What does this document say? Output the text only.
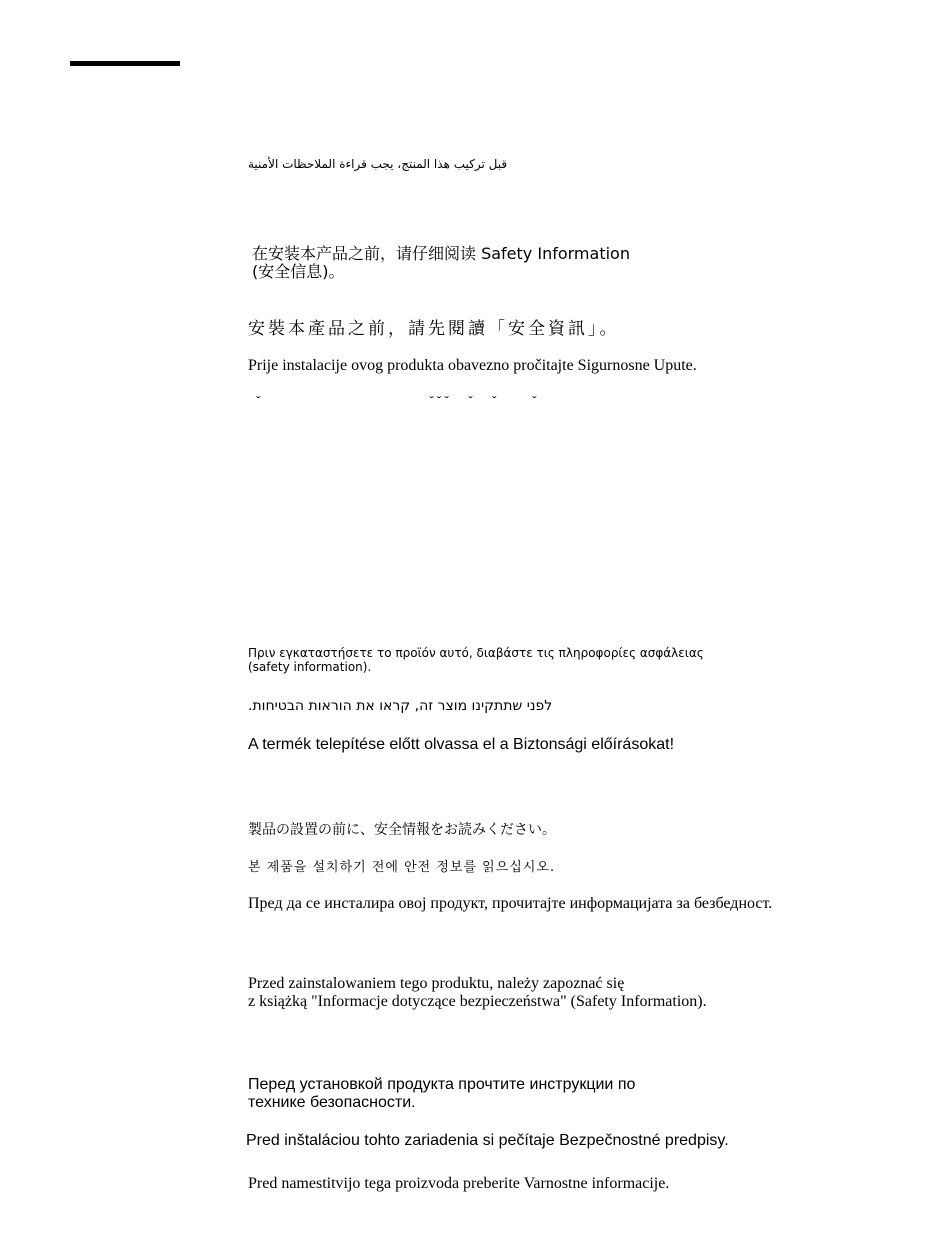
قبل تركيب هذا المنتج، يجب قراءة الملاحظات الأمنية

在安装本产品之前，请仔细阅读 Safety Information
(安全信息)。

安裝本產品之前，請先閱讀「安全資訊」。

Prije instalacije ovog produkta obavezno pročitajte Sigurnosne Upute.

ˇ                                                    ˇ ˇ ˇ      ˇ      ˇ           ˇ

Πριν εγκαταστήσετε το προϊόν αυτό, διαβάστε τις πληροφορίες ασφάλειας
(safety information).

לפני שתתקינו מוצר זה, קראו את הוראות הבטיחות.

A termék telepítése előtt olvassa el a Biztonsági előírásokat!

製品の設置の前に、安全情報をお読みください。

본 제품을 설치하기 전에 안전 정보를 읽으십시오.

Пред да се инсталира овој продукт, прочитајте информацијата за безбедност.

Przed zainstalowaniem tego produktu, należy zapoznać się
z książką "Informacje dotyczące bezpieczeństwa" (Safety Information).
Перед установкой продукта прочтите инструкции по
технике безопасности.

Pred inštaláciou tohto zariadenia si pečítaje Bezpečnostné predpisy.

Pred namestitvijo tega proizvoda preberite Varnostne informacije.
